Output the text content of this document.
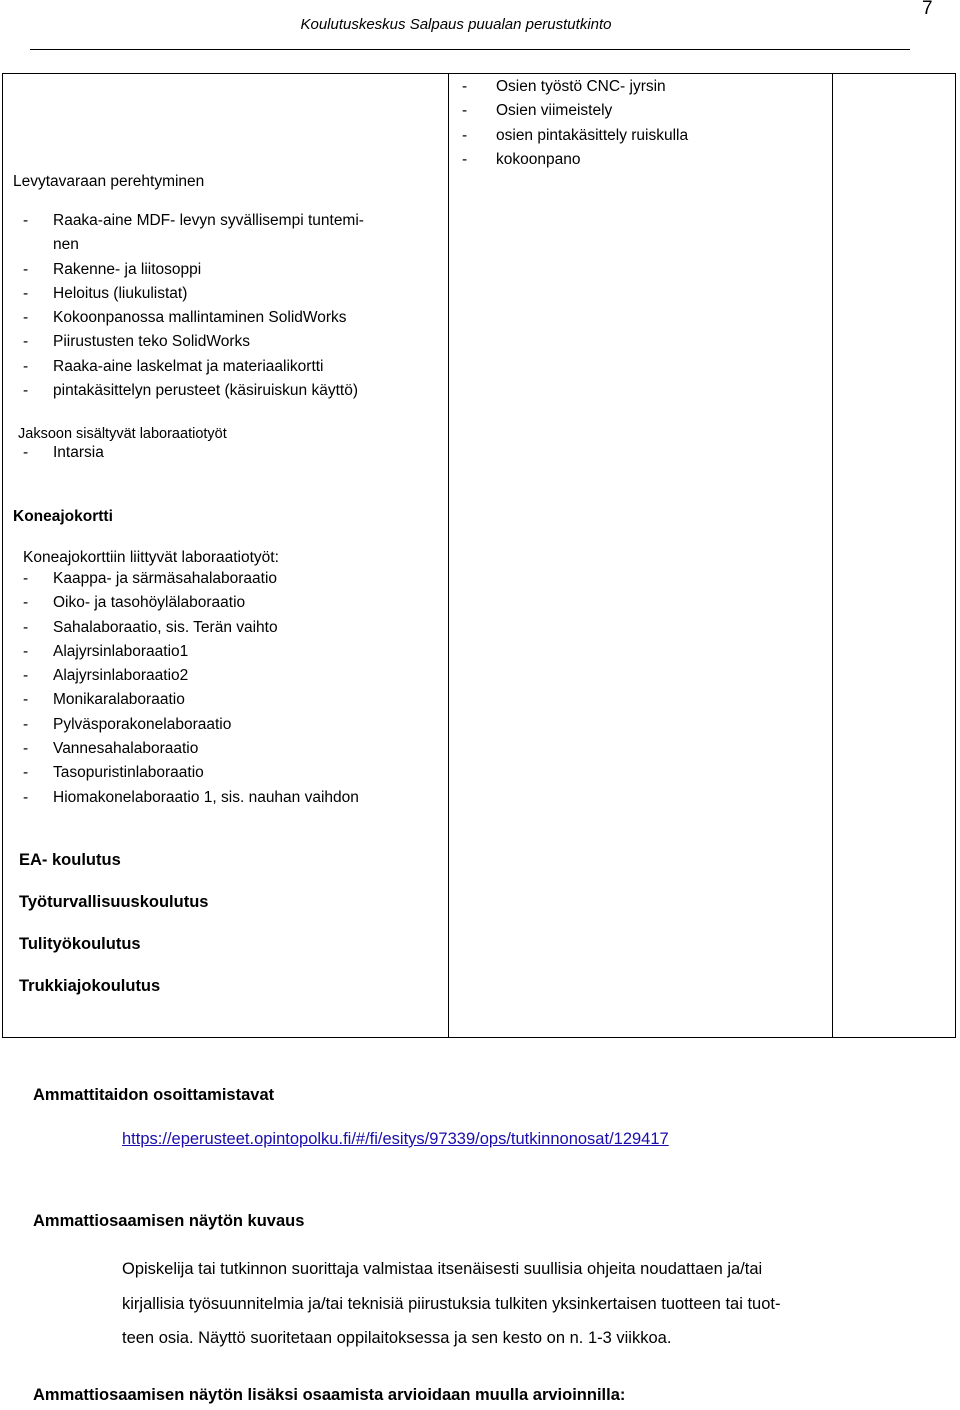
Koulutuskeskus Salpaus puualan perustutkinto
7
- Osien työstö CNC- jyrsin
- Osien viimeistely
- osien pintakäsittely ruiskulla
- kokoonpano
Levytavaraan perehtyminen
- Raaka-aine MDF- levyn syvällisempi tuntemi-
nen
- Rakenne- ja liitosoppi
- Heloitus (liukulistat)
- Kokoonpanossa mallintaminen SolidWorks
- Piirustusten teko SolidWorks
- Raaka-aine laskelmat ja materiaalikortti
- pintakäsittelyn perusteet (käsiruiskun käyttö)
Jaksoon sisältyvät laboraatiotyöt
- Intarsia
Koneajokortti
Koneajokorttiin liittyvät laboraatiotyöt:
- Kaappa- ja särmäsahalaboraatio
- Oiko- ja tasohöylälaboraatio
- Sahalaboraatio, sis. Terän vaihto
- Alajyrsinlaboraatio1
- Alajyrsinlaboraatio2
- Monikaralaboraatio
- Pylväsporakonelaboraatio
- Vannesahalaboraatio
- Tasopuristinlaboraatio
- Hiomakonelaboraatio 1, sis. nauhan vaihdon
EA- koulutus
Työturvallisuuskoulutus
Tulityökoulutus
Trukkiajokoulutus
Ammattitaidon osoittamistavat
https://eperusteet.opintopolku.fi/#/fi/esitys/97339/ops/tutkinnonosat/129417
Ammattiosaamisen näytön kuvaus
Opiskelija tai tutkinnon suorittaja valmistaa itsenäisesti suullisia ohjeita noudattaen ja/tai
kirjallisia työsuunnitelmia ja/tai teknisiä piirustuksia tulkiten yksinkertaisen tuotteen tai tuot-
teen osia. Näyttö suoritetaan oppilaitoksessa ja sen kesto on n. 1-3 viikkoa.
Ammattiosaamisen näytön lisäksi osaamista arvioidaan muulla arvioinnilla:
